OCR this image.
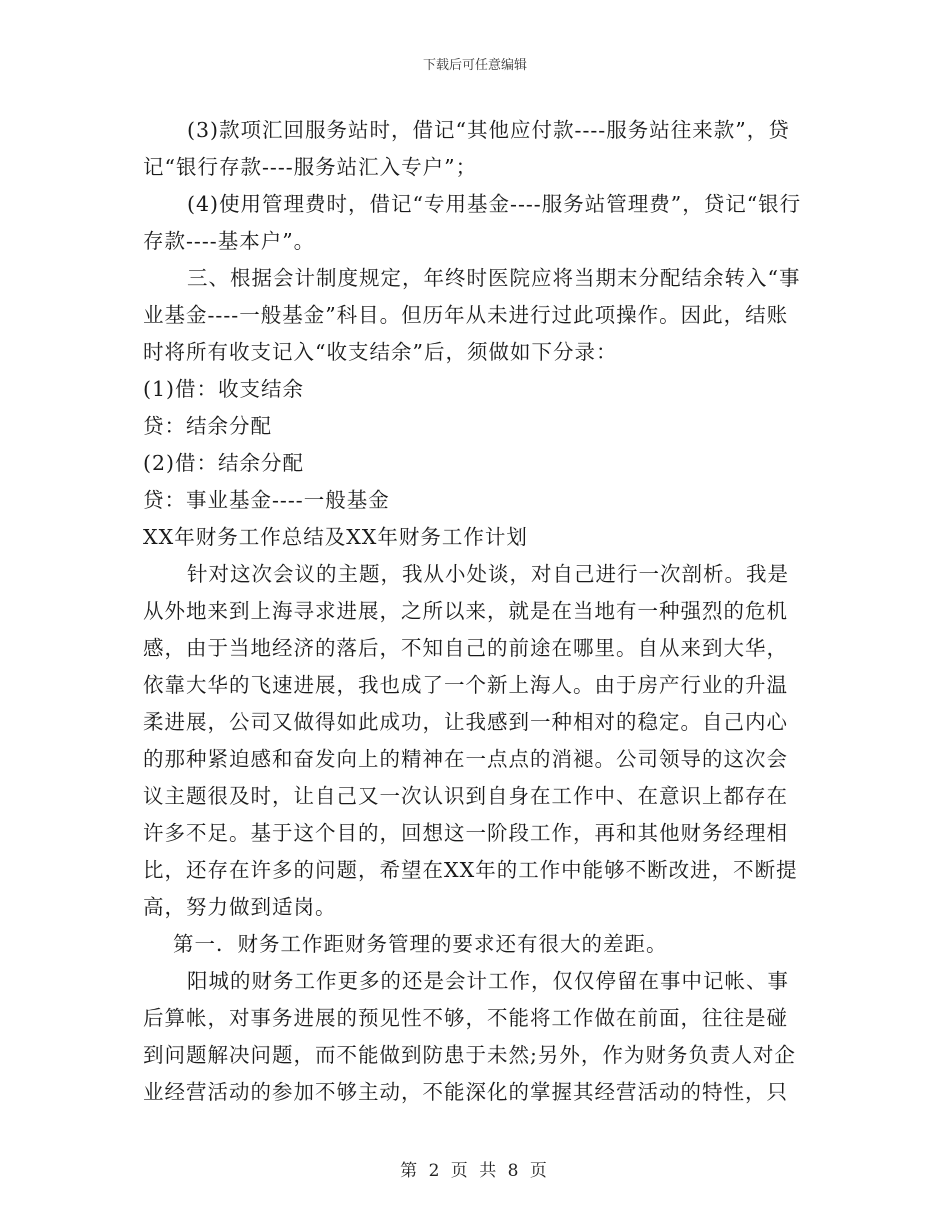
下载后可任意编辑

(3)款项汇回服务站时，借记“其他应付款----服务站往来款”，贷记“银行存款----服务站汇入专户”；

(4)使用管理费时，借记“专用基金----服务站管理费”，贷记“银行存款----基本户”。

三、根据会计制度规定，年终时医院应将当期末分配结余转入“事业基金----一般基金”科目。但历年从未进行过此项操作。因此，结账时将所有收支记入“收支结余”后，须做如下分录：

(1)借：收支结余

贷：结余分配

(2)借：结余分配

贷：事业基金----一般基金

XX年财务工作总结及XX年财务工作计划

针对这次会议的主题，我从小处谈，对自己进行一次剖析。我是从外地来到上海寻求进展，之所以来，就是在当地有一种强烈的危机感，由于当地经济的落后，不知自己的前途在哪里。自从来到大华，依靠大华的飞速进展，我也成了一个新上海人。由于房产行业的升温柔进展，公司又做得如此成功，让我感到一种相对的稳定。自己内心的那种紧迫感和奋发向上的精神在一点点的消褪。公司领导的这次会议主题很及时，让自己又一次认识到自身在工作中、在意识上都存在许多不足。基于这个目的，回想这一阶段工作，再和其他财务经理相比，还存在许多的问题，希望在XX年的工作中能够不断改进，不断提高，努力做到适岗。

第一．财务工作距财务管理的要求还有很大的差距。

阳城的财务工作更多的还是会计工作，仅仅停留在事中记帐、事后算帐，对事务进展的预见性不够，不能将工作做在前面，往往是碰到问题解决问题，而不能做到防患于未然;另外，作为财务负责人对企业经营活动的参加不够主动，不能深化的掌握其经营活动的特性，只

第 2 页 共 8 页
